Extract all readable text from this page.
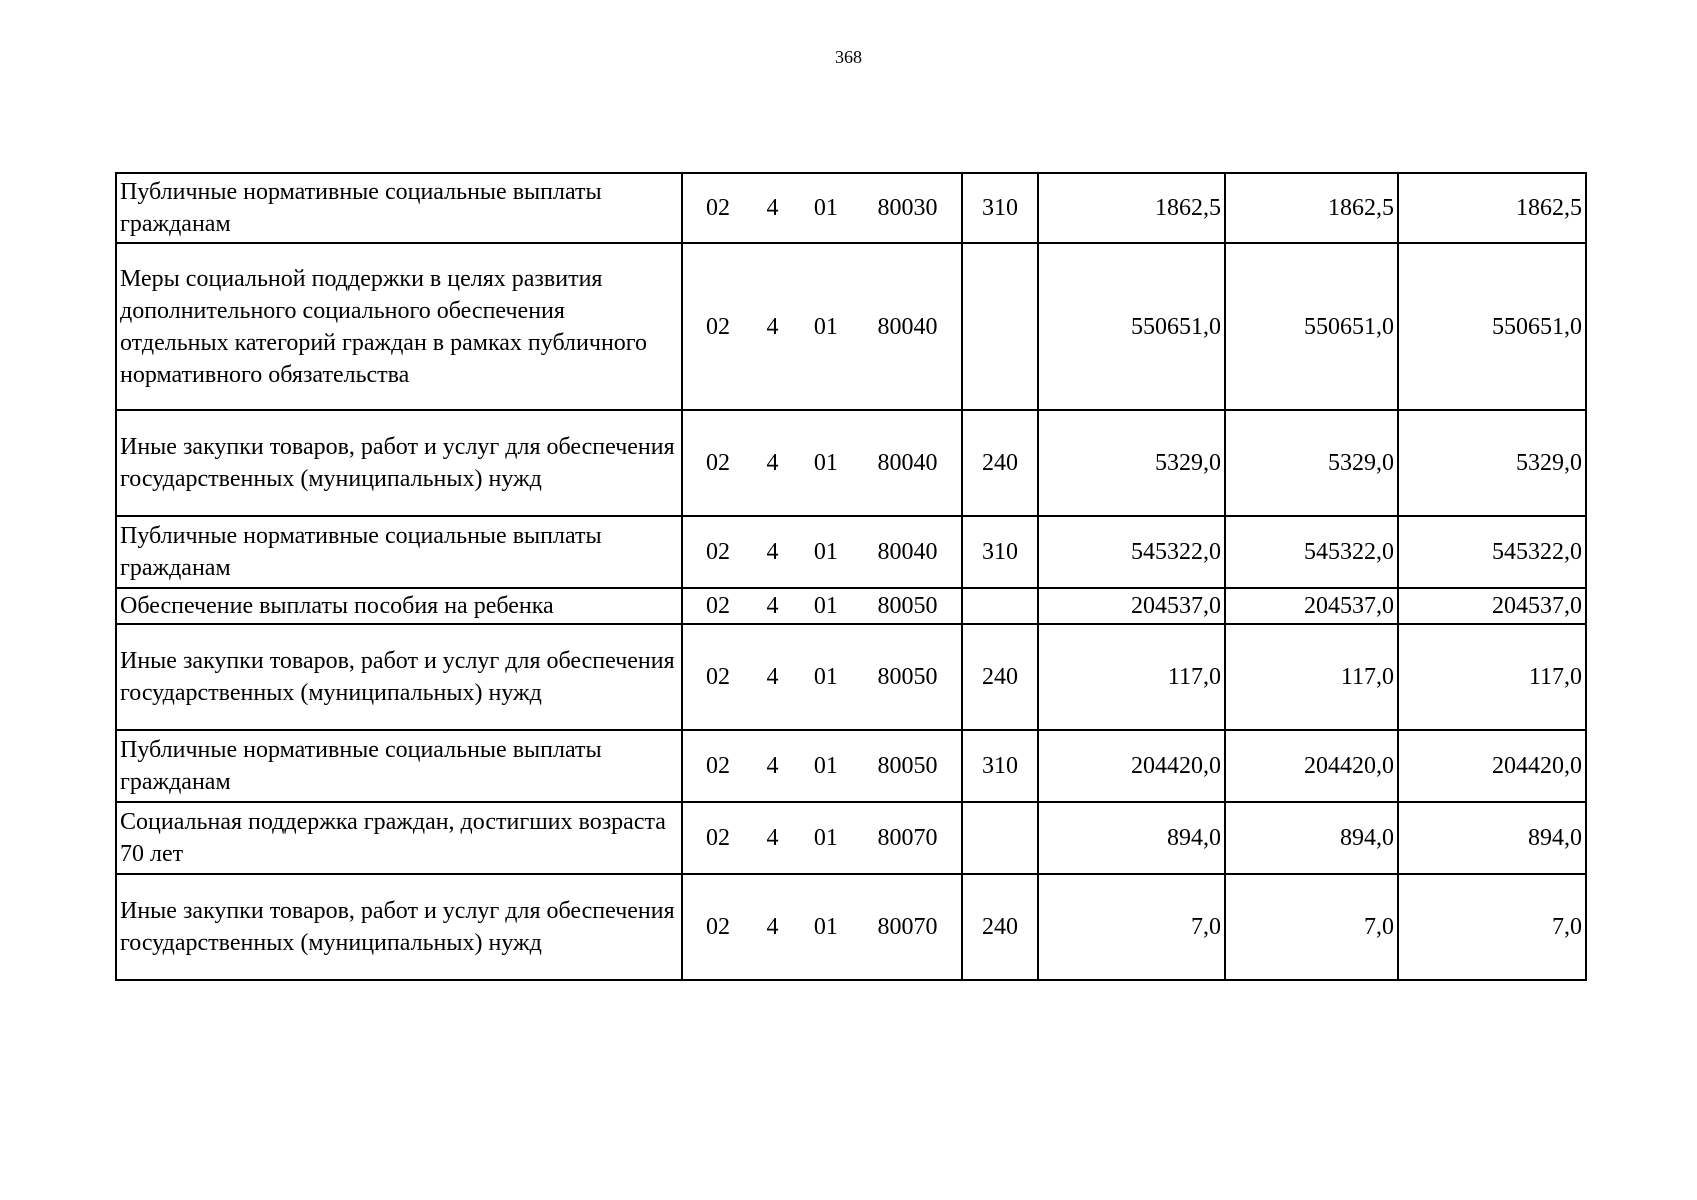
368
Публичные нормативные социальные выплаты гражданам	02 4 01 80030	310	1862,5	1862,5	1862,5
Меры социальной поддержки в целях развития дополнительного социального обеспечения отдельных категорий граждан в рамках публичного нормативного обязательства	02 4 01 80040		550651,0	550651,0	550651,0
Иные закупки товаров, работ и услуг для обеспечения государственных (муниципальных) нужд	02 4 01 80040	240	5329,0	5329,0	5329,0
Публичные нормативные социальные выплаты гражданам	02 4 01 80040	310	545322,0	545322,0	545322,0
Обеспечение выплаты пособия на ребенка	02 4 01 80050		204537,0	204537,0	204537,0
Иные закупки товаров, работ и услуг для обеспечения государственных (муниципальных) нужд	02 4 01 80050	240	117,0	117,0	117,0
Публичные нормативные социальные выплаты гражданам	02 4 01 80050	310	204420,0	204420,0	204420,0
Социальная поддержка граждан, достигших возраста 70 лет	02 4 01 80070		894,0	894,0	894,0
Иные закупки товаров, работ и услуг для обеспечения государственных (муниципальных) нужд	02 4 01 80070	240	7,0	7,0	7,0
